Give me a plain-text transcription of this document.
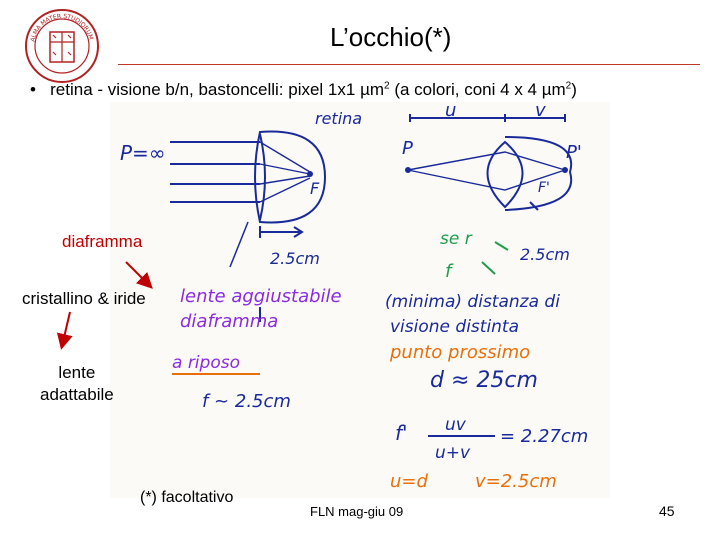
ALMA MATER STUDIORUM	L’occhio(*)
• retina - visione b/n, bastoncelli: pixel 1x1 µm$^2$ (a colori, coni 4 x 4 µm$^2$)
P=∞
retina
F
2.5cm
u	v
P	P'
F'
2.5cm
se r
f
lente aggiustabile
diaframma
a riposo
f ~ 2.5cm
(minima) distanza di
visione distinta
punto prossimo
d ≈ 25cm
f' uv
u+v
= 2.27cm
u=d	v=2.5cm
diaframma
cristallino & iride
lente
adattabile
(*) facoltativo
FLN mag-giu 09	45
